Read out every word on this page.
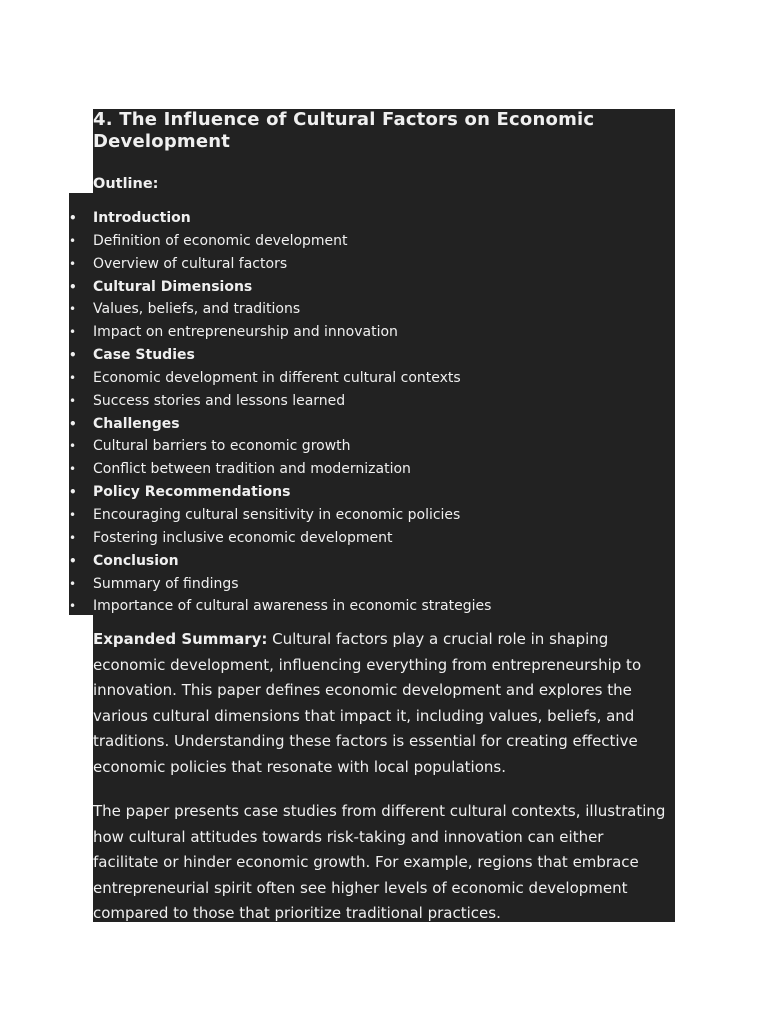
4. The Influence of Cultural Factors on Economic Development

Outline:

• Introduction
• Definition of economic development
• Overview of cultural factors
• Cultural Dimensions
• Values, beliefs, and traditions
• Impact on entrepreneurship and innovation
• Case Studies
• Economic development in different cultural contexts
• Success stories and lessons learned
• Challenges
• Cultural barriers to economic growth
• Conflict between tradition and modernization
• Policy Recommendations
• Encouraging cultural sensitivity in economic policies
• Fostering inclusive economic development
• Conclusion
• Summary of findings
• Importance of cultural awareness in economic strategies

Expanded Summary: Cultural factors play a crucial role in shaping economic development, influencing everything from entrepreneurship to innovation. This paper defines economic development and explores the various cultural dimensions that impact it, including values, beliefs, and traditions. Understanding these factors is essential for creating effective economic policies that resonate with local populations.

The paper presents case studies from different cultural contexts, illustrating how cultural attitudes towards risk-taking and innovation can either facilitate or hinder economic growth. For example, regions that embrace entrepreneurial spirit often see higher levels of economic development compared to those that prioritize traditional practices.
